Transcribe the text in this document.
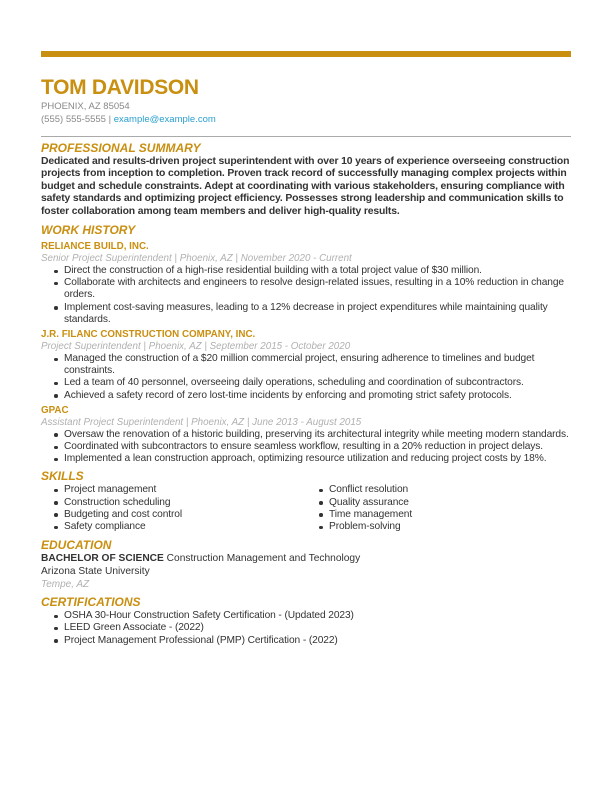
TOM DAVIDSON
PHOENIX, AZ 85054
(555) 555-5555 | example@example.com
PROFESSIONAL SUMMARY

Dedicated and results-driven project superintendent with over 10 years of experience overseeing construction projects from inception to completion. Proven track record of successfully managing complex projects within budget and schedule constraints. Adept at coordinating with various stakeholders, ensuring compliance with safety standards and optimizing project efficiency. Possesses strong leadership and communication skills to foster collaboration among team members and deliver high-quality results.

WORK HISTORY
RELIANCE BUILD, INC.
Senior Project Superintendent | Phoenix, AZ | November 2020 - Current
Direct the construction of a high-rise residential building with a total project value of $30 million.
Collaborate with architects and engineers to resolve design-related issues, resulting in a 10% reduction in change orders.
Implement cost-saving measures, leading to a 12% decrease in project expenditures while maintaining quality standards.
J.R. FILANC CONSTRUCTION COMPANY, INC.
Project Superintendent | Phoenix, AZ | September 2015 - October 2020
Managed the construction of a $20 million commercial project, ensuring adherence to timelines and budget constraints.
Led a team of 40 personnel, overseeing daily operations, scheduling and coordination of subcontractors.
Achieved a safety record of zero lost-time incidents by enforcing and promoting strict safety protocols.
GPAC
Assistant Project Superintendent | Phoenix, AZ | June 2013 - August 2015
Oversaw the renovation of a historic building, preserving its architectural integrity while meeting modern standards.
Coordinated with subcontractors to ensure seamless workflow, resulting in a 20% reduction in project delays.
Implemented a lean construction approach, optimizing resource utilization and reducing project costs by 18%.
SKILLS
Project management
Construction scheduling
Budgeting and cost control
Safety compliance
Conflict resolution
Quality assurance
Time management
Problem-solving
EDUCATION
BACHELOR OF SCIENCE Construction Management and Technology
Arizona State University
Tempe, AZ
CERTIFICATIONS
OSHA 30-Hour Construction Safety Certification - (Updated 2023)
LEED Green Associate - (2022)
Project Management Professional (PMP) Certification - (2022)
